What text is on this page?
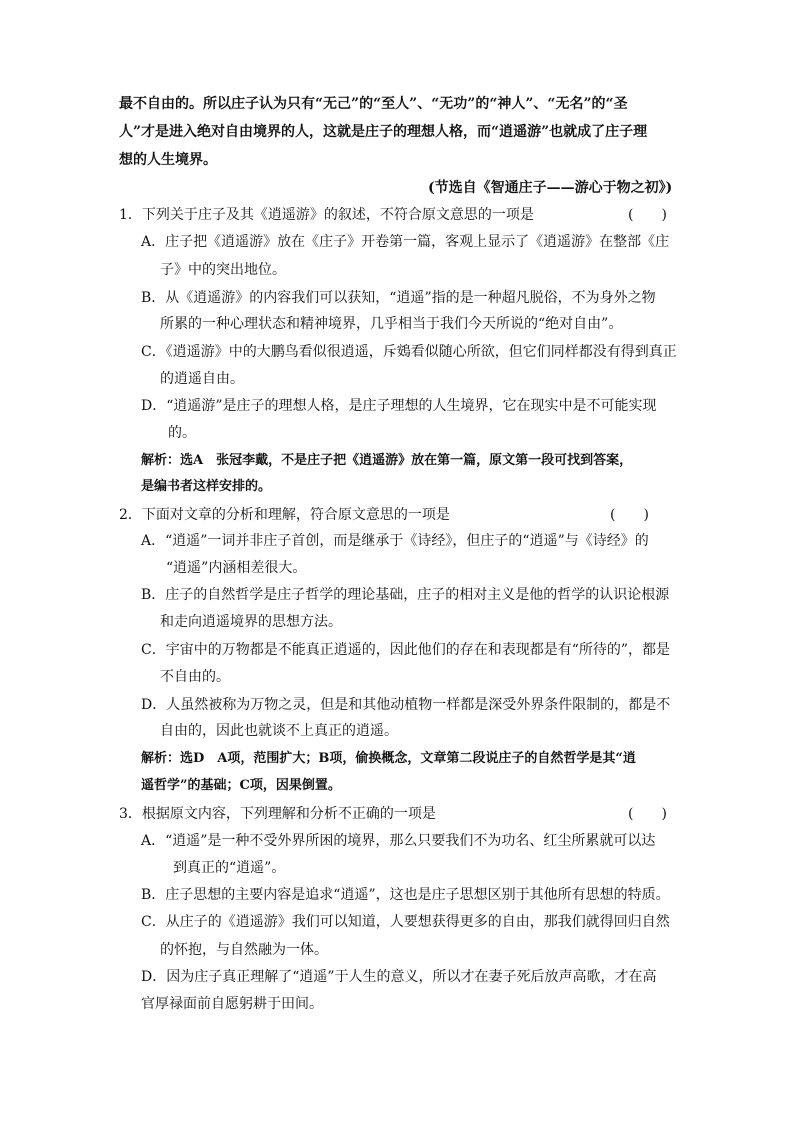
最不自由的。所以庄子认为只有“无己”的“至人”、“无功”的“神人”、“无名”的“圣
人”才是进入绝对自由境界的人，这就是庄子的理想人格，而“逍遥游”也就成了庄子理
想的人生境界。
(节选自《智通庄子——游心于物之初》)
1．下列关于庄子及其《逍遥游》的叙述，不符合原文意思的一项是	(　　)
A．庄子把《逍遥游》放在《庄子》开卷第一篇，客观上显示了《逍遥游》在整部《庄
子》中的突出地位。
B．从《逍遥游》的内容我们可以获知，“逍遥”指的是一种超凡脱俗，不为身外之物
所累的一种心理状态和精神境界，几乎相当于我们今天所说的“绝对自由”。
C．《逍遥游》中的大鹏鸟看似很逍遥，斥鴳看似随心所欲，但它们同样都没有得到真正
的逍遥自由。
D．“逍遥游”是庄子的理想人格，是庄子理想的人生境界，它在现实中是不可能实现
的。
解析：选A　张冠李戴，不是庄子把《逍遥游》放在第一篇，原文第一段可找到答案，
是编书者这样安排的。
2．下面对文章的分析和理解，符合原文意思的一项是	(　　)
A．“逍遥”一词并非庄子首创，而是继承于《诗经》，但庄子的“逍遥”与《诗经》的
“逍遥”内涵相差很大。
B．庄子的自然哲学是庄子哲学的理论基础，庄子的相对主义是他的哲学的认识论根源
和走向逍遥境界的思想方法。
C．宇宙中的万物都是不能真正逍遥的，因此他们的存在和表现都是有“所待的”，都是
不自由的。
D．人虽然被称为万物之灵，但是和其他动植物一样都是深受外界条件限制的，都是不
自由的，因此也就谈不上真正的逍遥。
解析：选D　A项，范围扩大；B项，偷换概念，文章第二段说庄子的自然哲学是其“逍
遥哲学”的基础；C项，因果倒置。
3．根据原文内容，下列理解和分析不正确的一项是	(　　)
A．“逍遥”是一种不受外界所困的境界，那么只要我们不为功名、红尘所累就可以达
到真正的“逍遥”。
B．庄子思想的主要内容是追求“逍遥”，这也是庄子思想区别于其他所有思想的特质。
C．从庄子的《逍遥游》我们可以知道，人要想获得更多的自由，那我们就得回归自然
的怀抱，与自然融为一体。
D．因为庄子真正理解了“逍遥”于人生的意义，所以才在妻子死后放声高歌，才在高
官厚禄面前自愿躬耕于田间。
